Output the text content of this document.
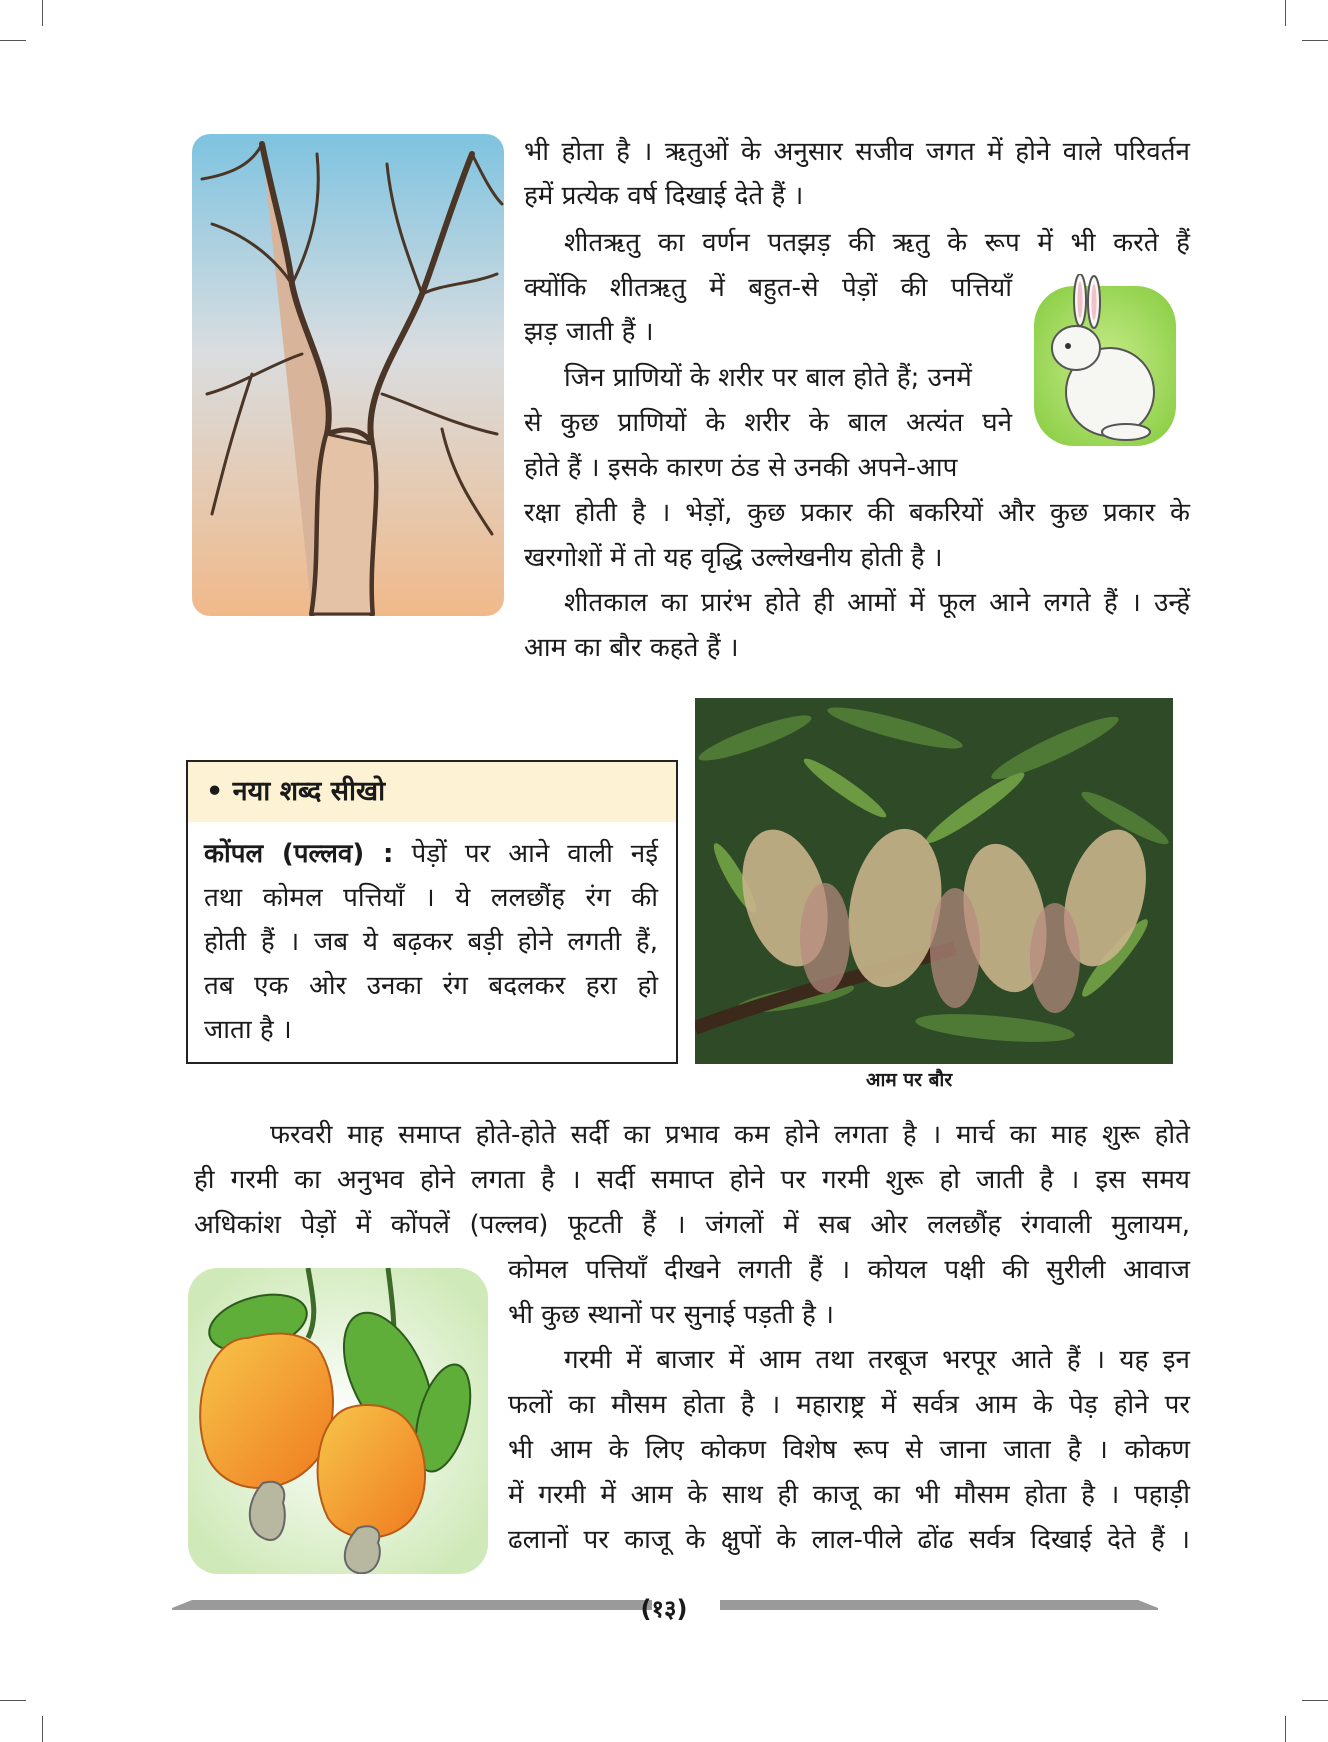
भी होता है । ऋतुओं के अनुसार सजीव जगत में होने वाले परिवर्तन
हमें प्रत्येक वर्ष दिखाई देते हैं ।
शीतऋतु का वर्णन पतझड़ की ऋतु के रूप में भी करते हैं
क्योंकि शीतऋतु में बहुत-से पेड़ों की पत्तियाँ
झड़ जाती हैं ।
जिन प्राणियों के शरीर पर बाल होते हैं; उनमें
से कुछ प्राणियों के शरीर के बाल अत्यंत घने
होते हैं । इसके कारण ठंड से उनकी अपने-आप
रक्षा होती है । भेड़ों, कुछ प्रकार की बकरियों और कुछ प्रकार के
खरगोशों में तो यह वृद्धि उल्लेखनीय होती है ।
शीतकाल का प्रारंभ होते ही आमों में फूल आने लगते हैं । उन्हें
आम का बौर कहते हैं ।
• नया शब्द सीखो
कोंपल (पल्लव) : पेड़ों पर आने वाली नई
तथा कोमल पत्तियाँ । ये ललछौंह रंग की
होती हैं । जब ये बढ़कर बड़ी होने लगती हैं,
तब एक ओर उनका रंग बदलकर हरा हो
जाता है ।
आम पर बौर
फरवरी माह समाप्त होते-होते सर्दी का प्रभाव कम होने लगता है । मार्च का माह शुरू होते
ही गरमी का अनुभव होने लगता है । सर्दी समाप्त होने पर गरमी शुरू हो जाती है । इस समय
अधिकांश पेड़ों में कोंपलें (पल्लव) फूटती हैं । जंगलों में सब ओर ललछौंह रंगवाली मुलायम,
कोमल पत्तियाँ दीखने लगती हैं । कोयल पक्षी की सुरीली आवाज
भी कुछ स्थानों पर सुनाई पड़ती है ।
गरमी में बाजार में आम तथा तरबूज भरपूर आते हैं । यह इन
फलों का मौसम होता है । महाराष्ट्र में सर्वत्र आम के पेड़ होने पर
भी आम के लिए कोकण विशेष रूप से जाना जाता है । कोकण
में गरमी में आम के साथ ही काजू का भी मौसम होता है । पहाड़ी
ढलानों पर काजू के क्षुपों के लाल-पीले ढोंढ सर्वत्र दिखाई देते हैं ।
(१३)
